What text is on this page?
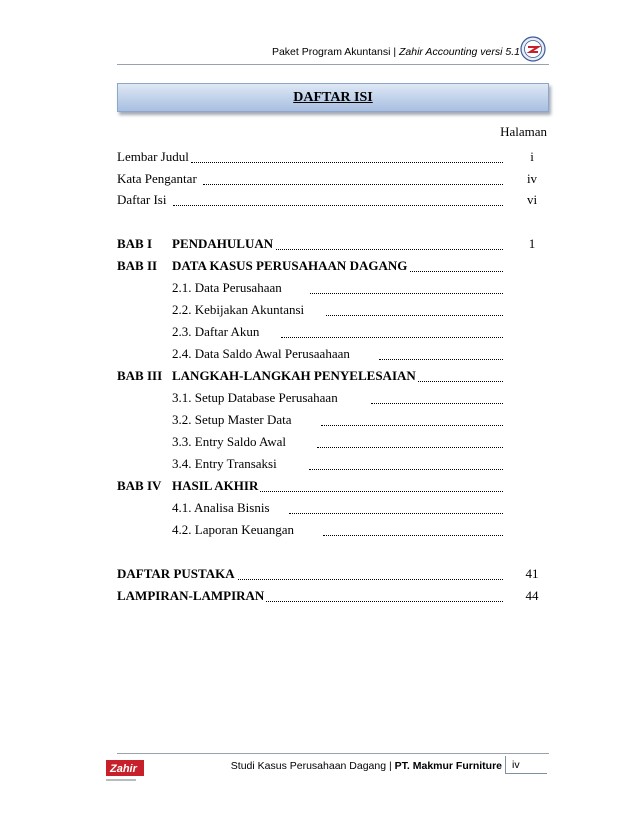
Paket Program Akuntansi | Zahir Accounting versi 5.1
DAFTAR ISI
Halaman
Lembar Judul	i
Kata Pengantar	iv
Daftar Isi	vi
BAB I PENDAHULUAN	1
BAB II DATA KASUS PERUSAHAAN DAGANG
2.1. Data Perusahaan
2.2. Kebijakan Akuntansi
2.3. Daftar Akun
2.4. Data Saldo Awal Perusaahaan
BAB III LANGKAH-LANGKAH PENYELESAIAN
3.1. Setup Database Perusahaan
3.2. Setup Master Data
3.3. Entry Saldo Awal
3.4. Entry Transaksi
BAB IV HASIL AKHIR
4.1. Analisa Bisnis
4.2. Laporan Keuangan
DAFTAR PUSTAKA	41
LAMPIRAN-LAMPIRAN	44
Zahir	Studi Kasus Perusahaan Dagang | PT. Makmur Furniture iv
